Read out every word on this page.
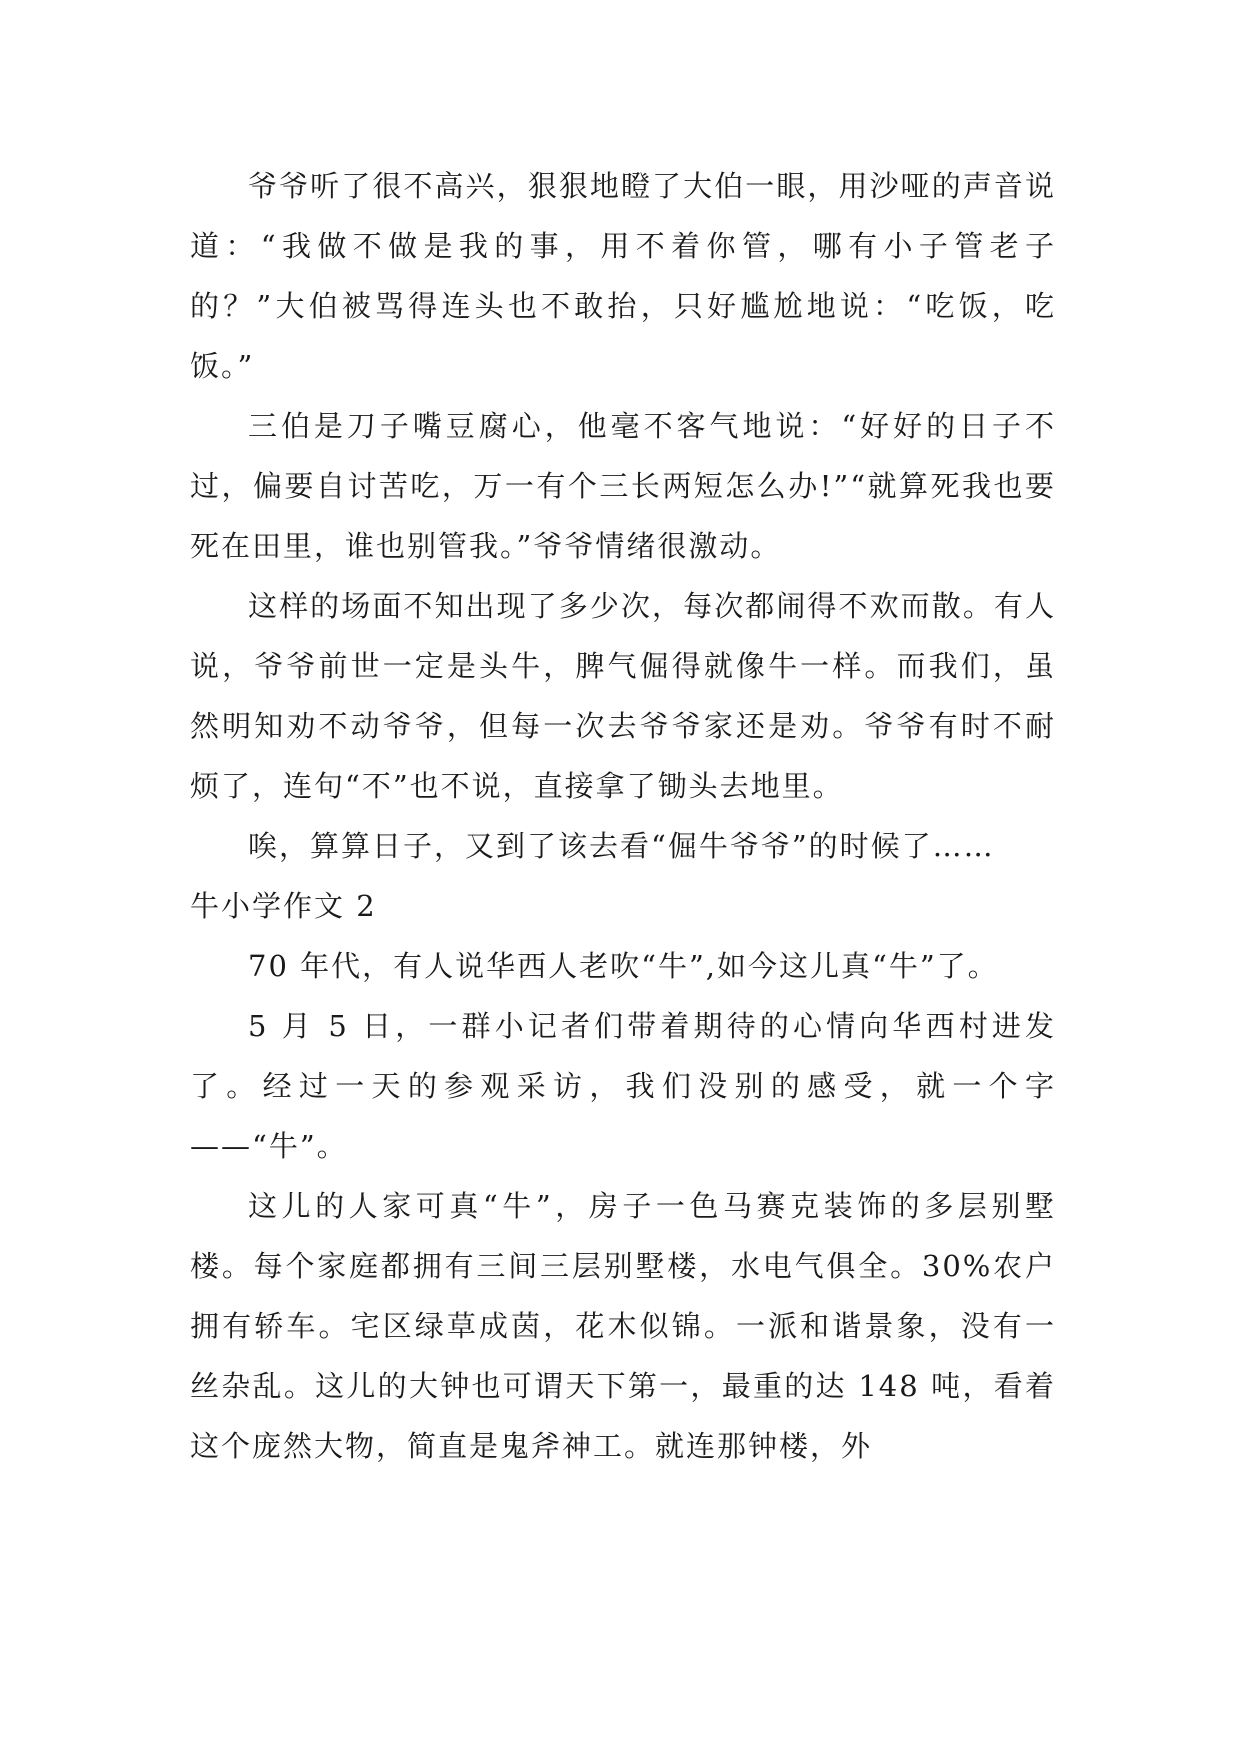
爷爷听了很不高兴，狠狠地瞪了大伯一眼，用沙哑的声音说道：“我做不做是我的事，用不着你管，哪有小子管老子的？”大伯被骂得连头也不敢抬，只好尴尬地说：“吃饭，吃饭。”

三伯是刀子嘴豆腐心，他毫不客气地说：“好好的日子不过，偏要自讨苦吃，万一有个三长两短怎么办!”“就算死我也要死在田里，谁也别管我。”爷爷情绪很激动。

这样的场面不知出现了多少次，每次都闹得不欢而散。有人说，爷爷前世一定是头牛，脾气倔得就像牛一样。而我们，虽然明知劝不动爷爷，但每一次去爷爷家还是劝。爷爷有时不耐烦了，连句“不”也不说，直接拿了锄头去地里。

唉，算算日子，又到了该去看“倔牛爷爷”的时候了……

牛小学作文 2

70 年代，有人说华西人老吹“牛”,如今这儿真“牛”了。

5 月 5 日，一群小记者们带着期待的心情向华西村进发了。经过一天的参观采访，我们没别的感受，就一个字——“牛”。

这儿的人家可真“牛”，房子一色马赛克装饰的多层别墅楼。每个家庭都拥有三间三层别墅楼，水电气俱全。30%农户拥有轿车。宅区绿草成茵，花木似锦。一派和谐景象，没有一丝杂乱。这儿的大钟也可谓天下第一，最重的达 148 吨，看着这个庞然大物，简直是鬼斧神工。就连那钟楼，外
